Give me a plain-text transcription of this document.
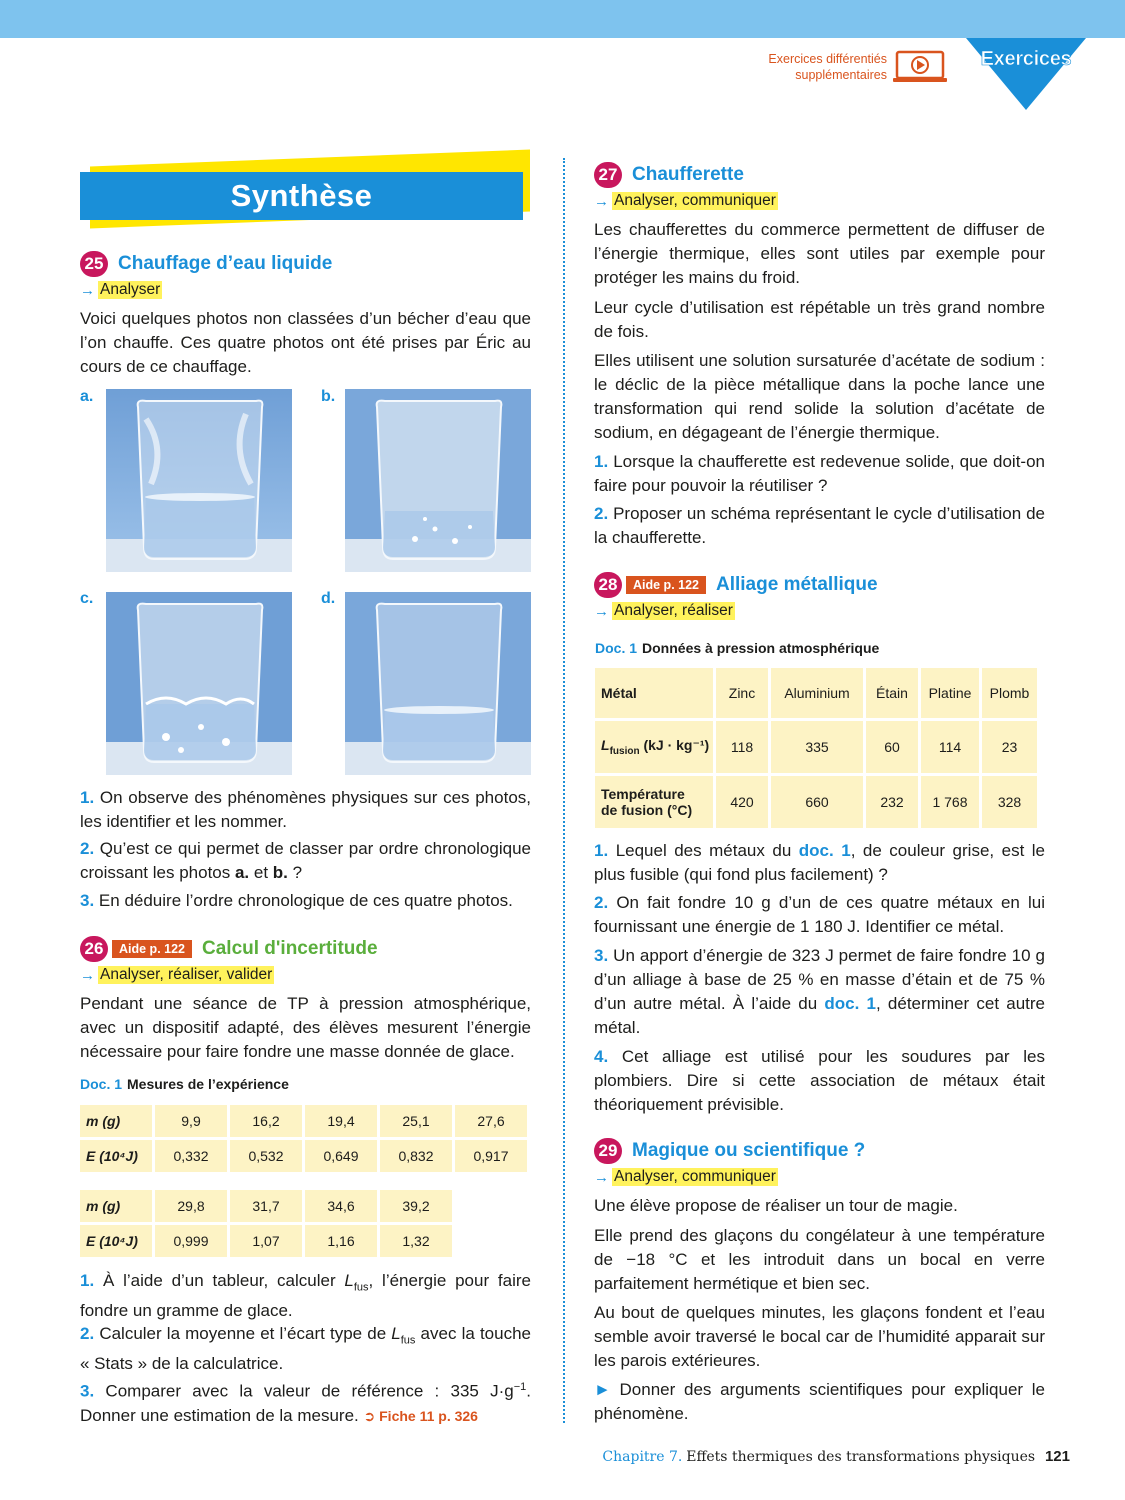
Exercices différentiés
supplémentaires
Exercices
Synthèse
25 Chauffage d’eau liquide
→ Analyser
Voici quelques photos non classées d’un bécher d’eau que l’on chauffe. Ces quatre photos ont été prises par Éric au cours de ce chauffage.
a.	b.
c.	d.
1. On observe des phénomènes physiques sur ces photos, les identifier et les nommer.
2. Qu’est ce qui permet de classer par ordre chronologique croissant les photos a. et b. ?
3. En déduire l’ordre chronologique de ces quatre photos.
26	Aide p. 122 Calcul d'incertitude
→ Analyser, réaliser, valider
Pendant une séance de TP à pression atmosphérique, avec un dispositif adapté, des élèves mesurent l’énergie nécessaire pour faire fondre une masse donnée de glace.
Doc. 1 Mesures de l’expérience
m (g)	9,9	16,2	19,4	25,1	27,6
E (10⁴J)	0,332	0,532	0,649	0,832	0,917
m (g)	29,8	31,7	34,6	39,2
E (10⁴J)	0,999	1,07	1,16	1,32
1. À l’aide d’un tableur, calculer $L_{fus}$, l’énergie pour faire fondre un gramme de glace.
2. Calculer la moyenne et l’écart type de $L_{fus}$ avec la touche « Stats » de la calculatrice.
3. Comparer avec la valeur de référence : 335 $J\cdot g^{-1}$. Donner une estimation de la mesure. ➲ Fiche 11 p. 326
27 Chaufferette
→ Analyser, communiquer
Les chaufferettes du commerce permettent de diffuser de l’énergie thermique, elles sont utiles par exemple pour protéger les mains du froid.
Leur cycle d’utilisation est répétable un très grand nombre de fois.
Elles utilisent une solution sursaturée d’acétate de sodium : le déclic de la pièce métallique dans la poche lance une transformation qui rend solide la solution d’acétate de sodium, en dégageant de l’énergie thermique.
1. Lorsque la chaufferette est redevenue solide, que doit-on faire pour pouvoir la réutiliser ?
2. Proposer un schéma représentant le cycle d’utilisation de la chaufferette.
28	Aide p. 122 Alliage métallique
→ Analyser, réaliser
Doc. 1 Données à pression atmosphérique
Métal	Zinc	Aluminium	Étain	Platine	Plomb
$L_{fusion}$ (kJ · kg⁻¹)	118	335	60	114	23

Température
de fusion (°C)	420	660	232	1 768	328
1. Lequel des métaux du doc. 1, de couleur grise, est le plus fusible (qui fond plus facilement) ?
2. On fait fondre 10 g d’un de ces quatre métaux en lui fournissant une énergie de 1 180 J. Identifier ce métal.
3. Un apport d’énergie de 323 J permet de faire fondre 10 g d’un alliage à base de 25 % en masse d’étain et de 75 % d’un autre métal. À l’aide du doc. 1, déterminer cet autre métal.
4. Cet alliage est utilisé pour les soudures par les plombiers. Dire si cette association de métaux était théoriquement prévisible.
29 Magique ou scientifique ?
→ Analyser, communiquer
Une élève propose de réaliser un tour de magie.
Elle prend des glaçons du congélateur à une température de −18 °C et les introduit dans un bocal en verre parfaitement hermétique et bien sec.
Au bout de quelques minutes, les glaçons fondent et l’eau semble avoir traversé le bocal car de l’humidité apparait sur les parois extérieures.
► Donner des arguments scientifiques pour expliquer le phénomène.
Chapitre 7. Effets thermiques des transformations physiques 121
